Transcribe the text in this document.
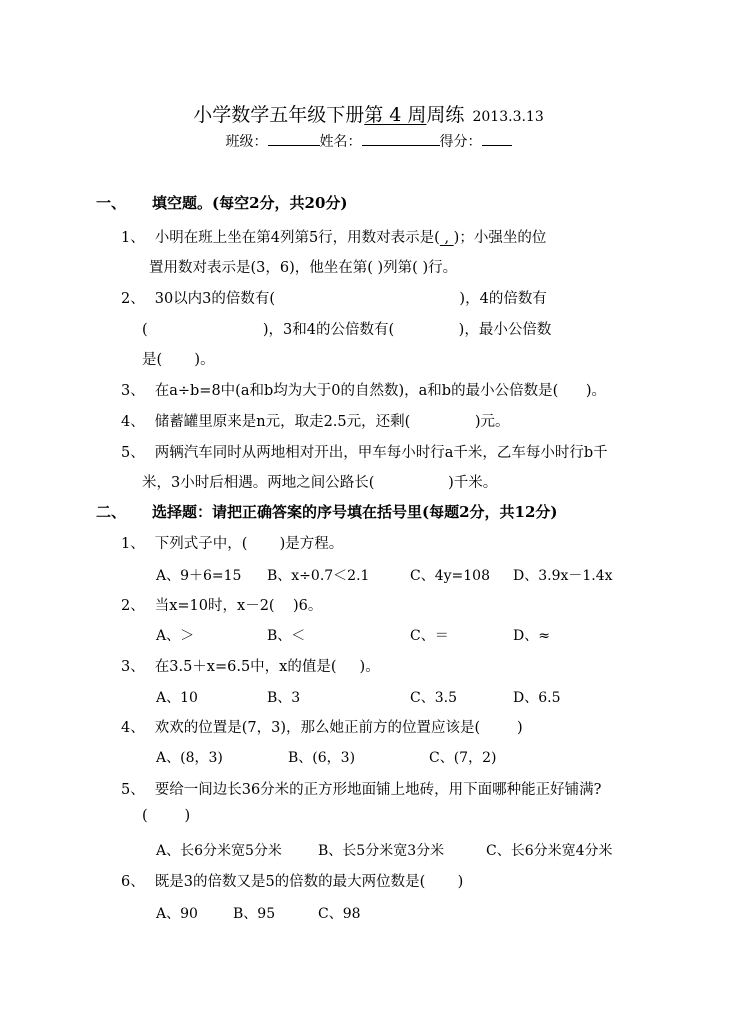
小学数学五年级下册第 4 周周练 2013.3.13
班级：	姓名：	得分：
一、 填空题。(每空2分，共20分)
1、 小明在班上坐在第4列第5行，用数对表示是( , )；小强坐的位
置用数对表示是(3，6)，他坐在第( )列第( )行。
2、 30以内3的倍数有(                                        )，4的倍数有
(                         )，3和4的公倍数有(              )，最小公倍数
是(       )。
3、 在a÷b=8中(a和b均为大于0的自然数)，a和b的最小公倍数是(      )。
4、 储蓄罐里原来是n元，取走2.5元，还剩(              )元。
5、 两辆汽车同时从两地相对开出，甲车每小时行a千米，乙车每小时行b千
米，3小时后相遇。两地之间公路长(                )千米。
二、 选择题：请把正确答案的序号填在括号里(每题2分，共12分)
1、 下列式子中，(       )是方程。
A、9＋6=15 B、x÷0.7＜2.1	C、4y=108 D、3.9x－1.4x
2、 当x=10时，x－2(    )6。
A、＞	B、＜	C、＝	D、≈
3、 在3.5＋x=6.5中，x的值是(     )。
A、10	B、3	C、3.5	D、6.5
4、 欢欢的位置是(7，3)，那么她正前方的位置应该是(        )
A、(8，3)	B、(6，3)	C、(7，2)
5、 要给一间边长36分米的正方形地面铺上地砖，用下面哪种能正好铺满?
(        )
A、长6分米宽5分米	B、长5分米宽3分米	C、长6分米宽4分米
6、 既是3的倍数又是5的倍数的最大两位数是(       )
A、90	B、95	C、98
